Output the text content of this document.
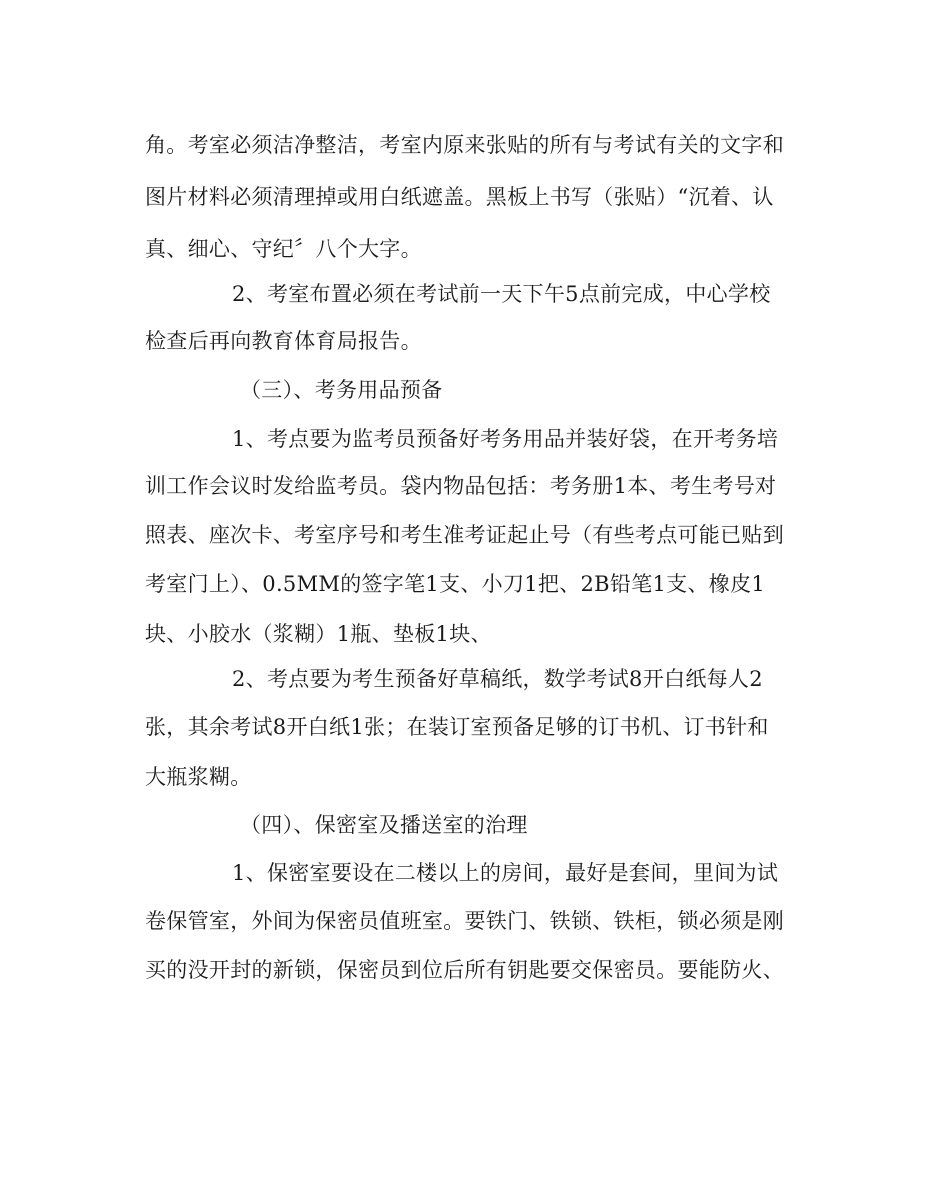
角。考室必须洁净整洁，考室内原来张贴的所有与考试有关的文字和
图片材料必须清理掉或用白纸遮盖。黑板上书写（张贴）“沉着、认
真、细心、守纪〞八个大字。
2、考室布置必须在考试前一天下午5点前完成，中心学校
检查后再向教育体育局报告。
（三）、考务用品预备
1、考点要为监考员预备好考务用品并装好袋，在开考务培
训工作会议时发给监考员。袋内物品包括：考务册1本、考生考号对
照表、座次卡、考室序号和考生准考证起止号（有些考点可能已贴到
考室门上）、0.5MM的签字笔1支、小刀1把、2B铅笔1支、橡皮1
块、小胶水（浆糊）1瓶、垫板1块、
2、考点要为考生预备好草稿纸，数学考试8开白纸每人2
张，其余考试8开白纸1张；在装订室预备足够的订书机、订书针和
大瓶浆糊。
（四）、保密室及播送室的治理
1、保密室要设在二楼以上的房间，最好是套间，里间为试
卷保管室，外间为保密员值班室。要铁门、铁锁、铁柜，锁必须是刚
买的没开封的新锁，保密员到位后所有钥匙要交保密员。要能防火、
